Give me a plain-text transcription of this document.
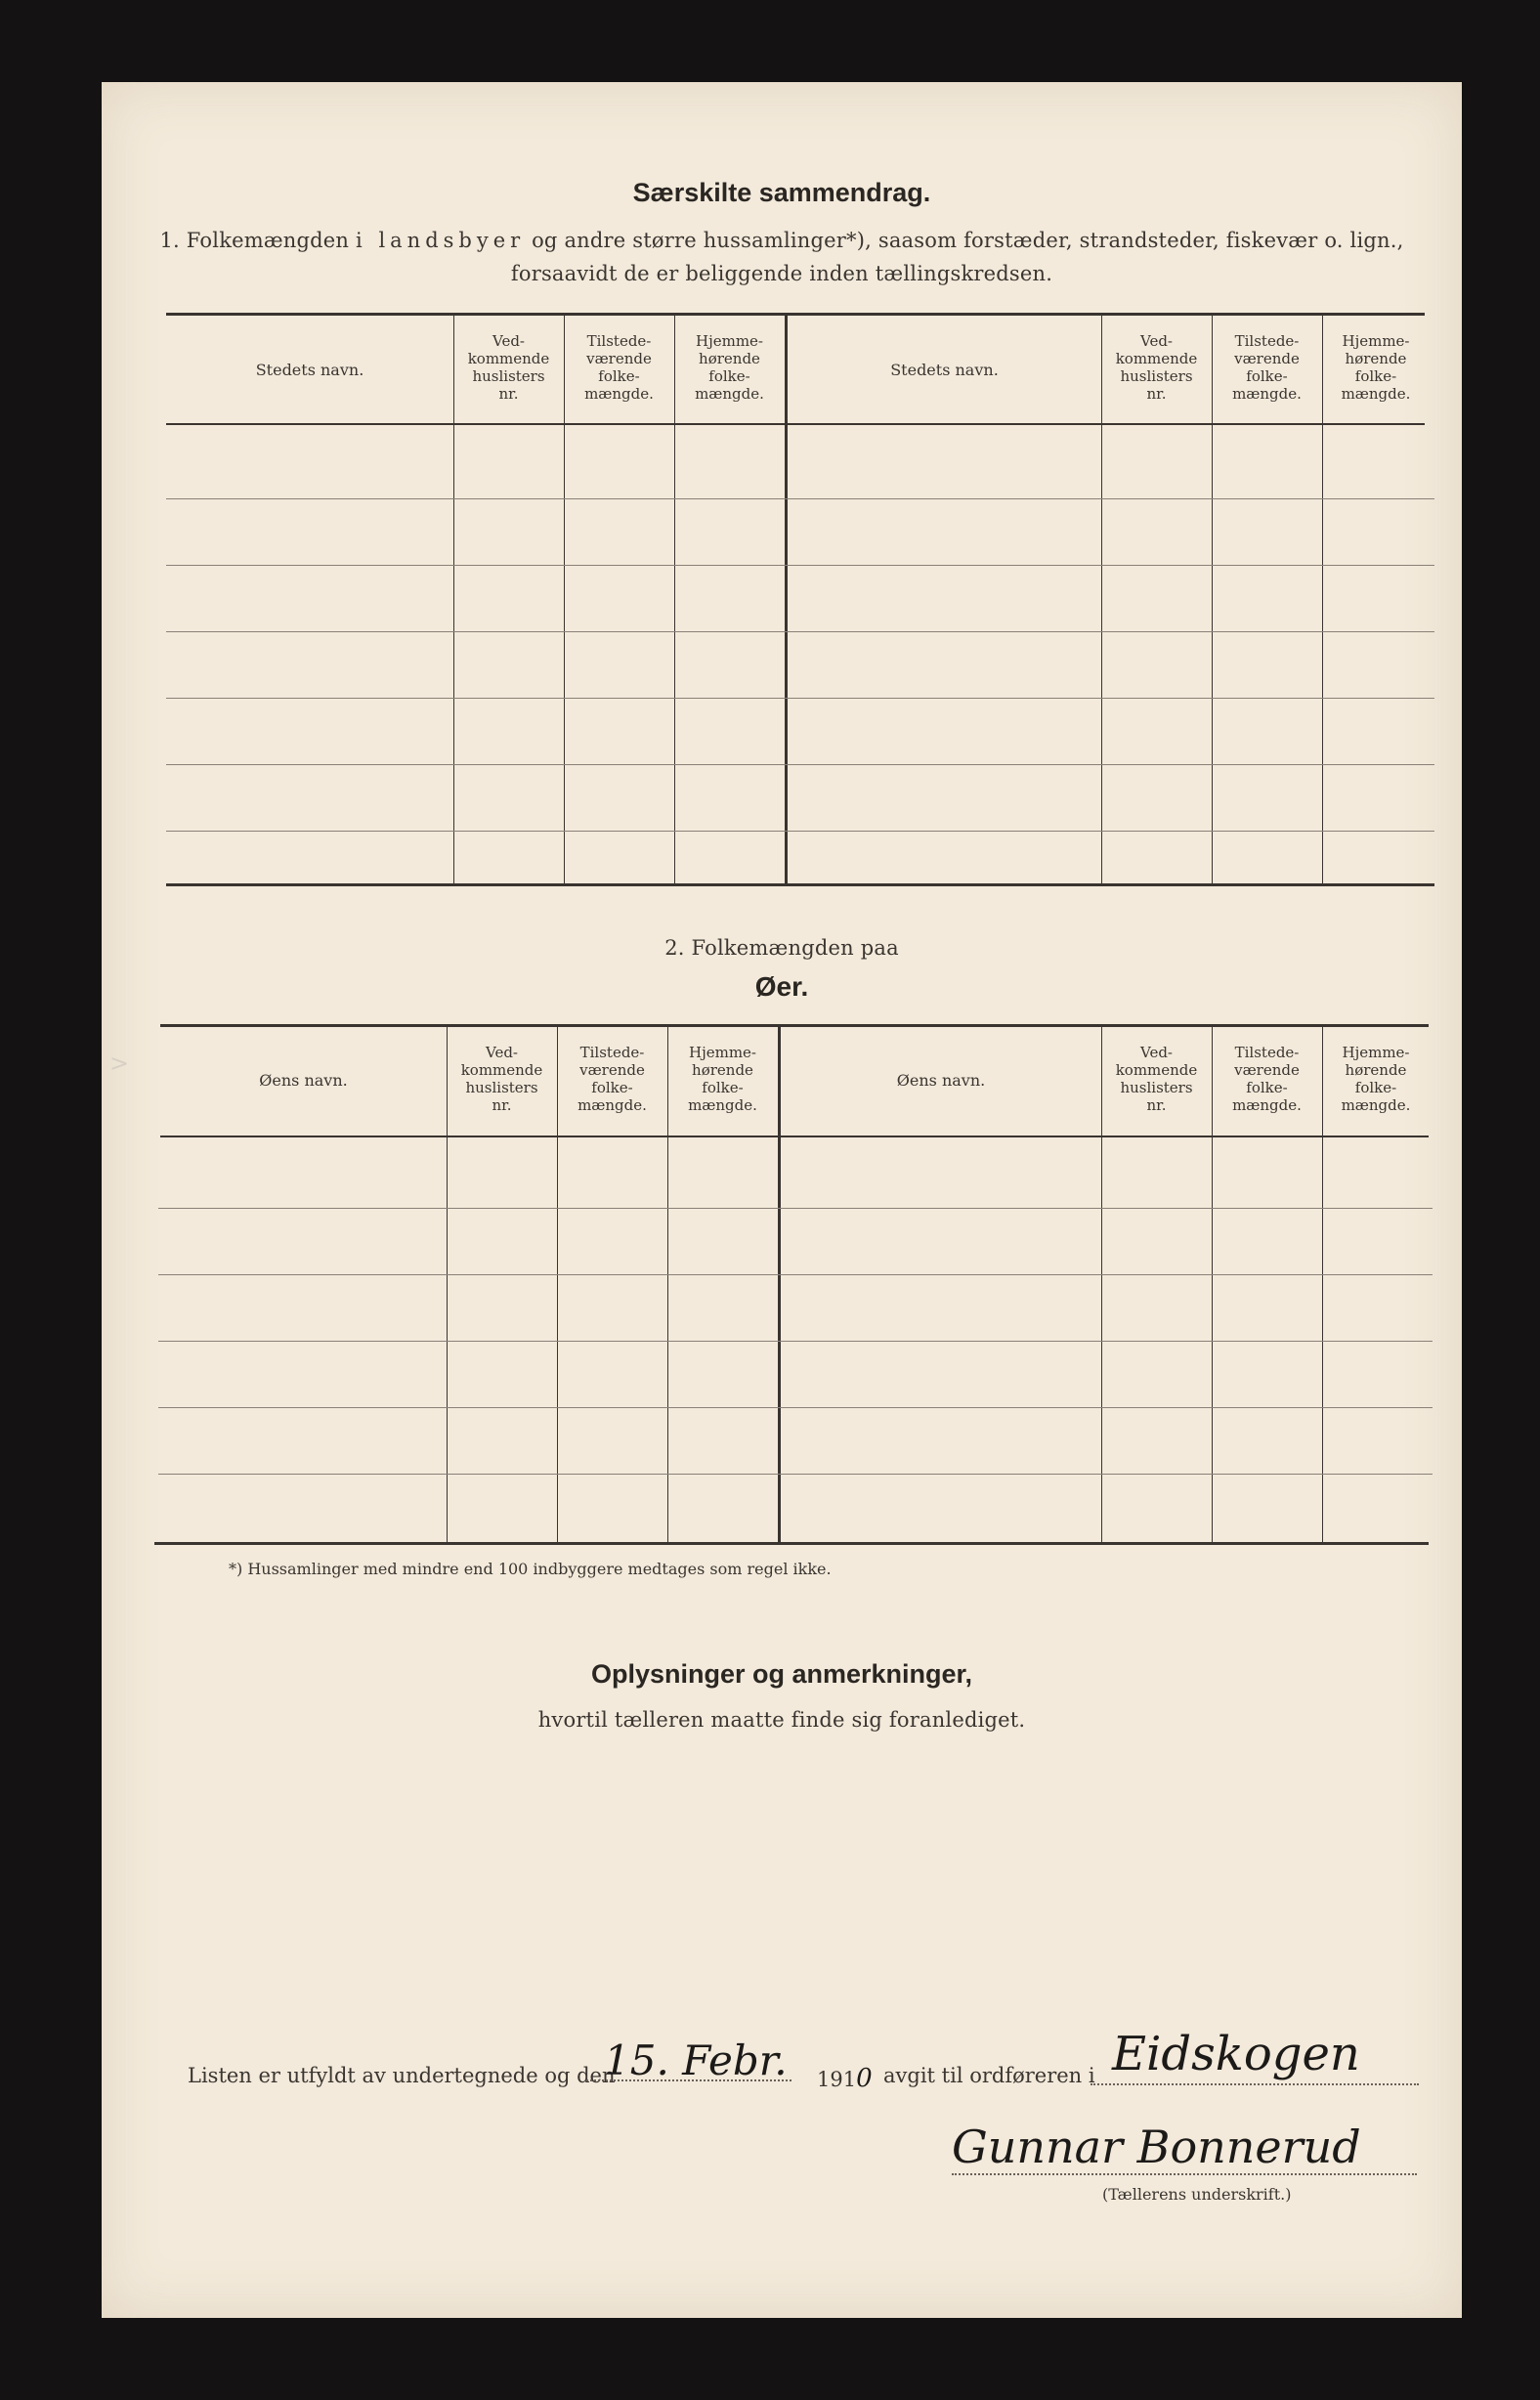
Særskilte sammendrag.
1. Folkemængden i landsbyer og andre større hussamlinger*), saasom forstæder, strandsteder, fiskevær o. lign.,
forsaavidt de er beliggende inden tællingskredsen.
Stedets navn.
Ved-
kommende
huslisters
nr.
Tilstede-
værende
folke-
mængde.
Hjemme-
hørende
folke-
mængde.
Stedets navn.
Ved-
kommende
huslisters
nr.
Tilstede-
værende
folke-
mængde.
Hjemme-
hørende
folke-
mængde.
2. Folkemængden paa
Øer.
Øens navn.
Ved-
kommende
huslisters
nr.
Tilstede-
værende
folke-
mængde.
Hjemme-
hørende
folke-
mængde.
Øens navn.
Ved-
kommende
huslisters
nr.
Tilstede-
værende
folke-
mængde.
Hjemme-
hørende
folke-
mængde.
*) Hussamlinger med mindre end 100 indbyggere medtages som regel ikke.
Oplysninger og anmerkninger,
hvortil tælleren maatte finde sig foranlediget.
Listen er utfyldt av undertegnede og den
15. Febr. 1910 avgit til ordføreren i Eidskogen
Gunnar Bonnerud
(Tællerens underskrift.)
>
